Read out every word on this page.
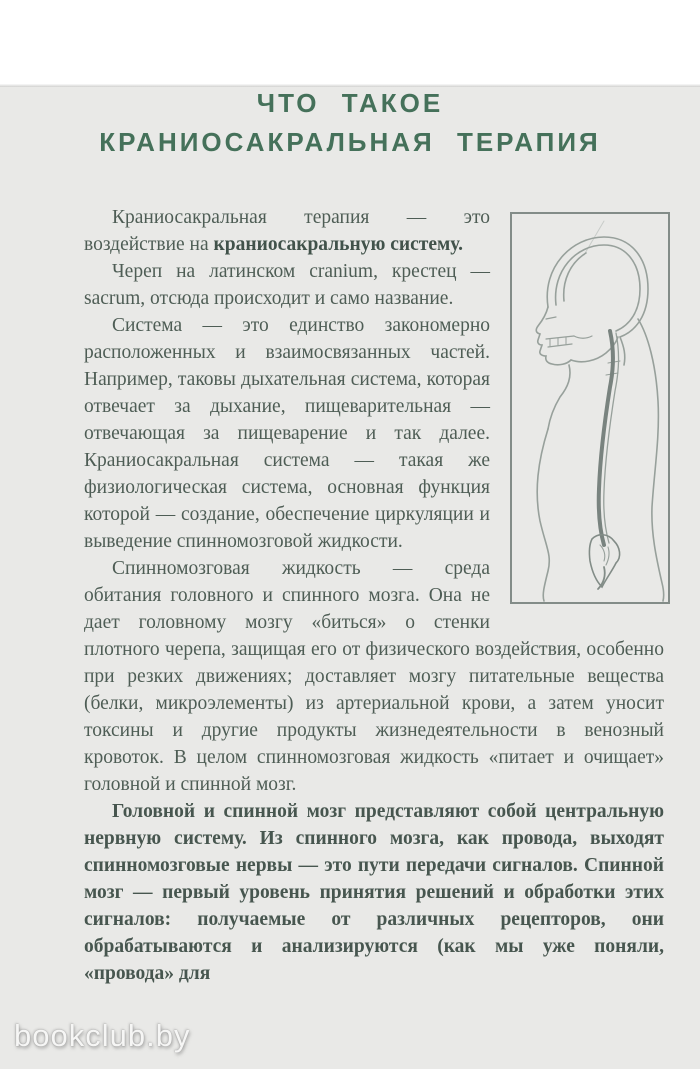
ЧТО ТАКОЕ
КРАНИОСАКРАЛЬНАЯ ТЕРАПИЯ

Краниосакральная терапия — это воздействие на краниосакральную систему.

Череп на латинском cranium, крестец — sacrum, отсюда происходит и само название.

Система — это единство закономерно расположенных и взаимосвязанных частей. Например, таковы дыхательная система, которая отвечает за дыхание, пищеварительная — отвечающая за пищеварение и так далее. Краниосакральная система — такая же физиологическая система, основная функция которой — создание, обеспечение циркуляции и выведение спинномозговой жидкости.

Спинномозговая жидкость — среда обитания головного и спинного мозга. Она не дает головному мозгу «биться» о стенки плотного черепа, защищая его от физического воздействия, особенно при резких движениях; доставляет мозгу питательные вещества (белки, микроэлементы) из артериальной крови, а затем уносит токсины и другие продукты жизнедеятельности в венозный кровоток. В целом спинномозговая жидкость «питает и очищает» головной и спинной мозг.

Головной и спинной мозг представляют собой центральную нервную систему. Из спинного мозга, как провода, выходят спинномозговые нервы — это пути передачи сигналов. Спинной мозг — первый уровень принятия решений и обработки этих сигналов: получаемые от различных рецепторов, они обрабатываются и анализируются (как мы уже поняли, «провода» для

bookclub.by
